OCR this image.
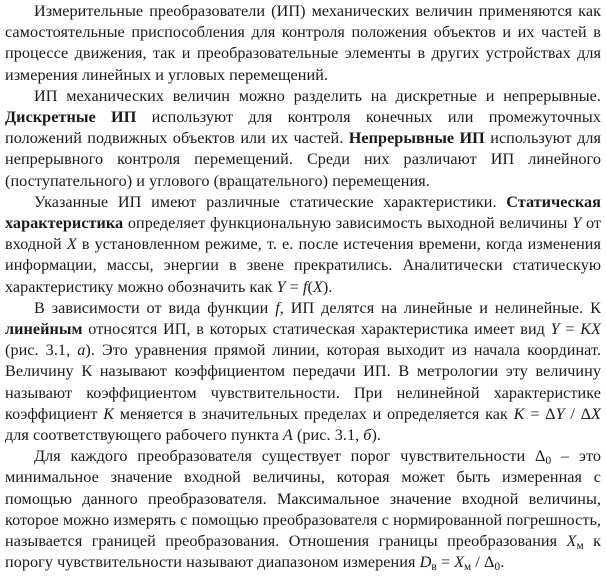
Измерительные преобразователи (ИП) механических величин применяются как самостоятельные приспособления для контроля положения объектов и их частей в процессе движения, так и преобразовательные элементы в других устройствах для измерения линейных и угловых перемещений.

ИП механических величин можно разделить на дискретные и непрерывные. Дискретные ИП используют для контроля конечных или промежуточных положений подвижных объектов или их частей. Непрерывные ИП используют для непрерывного контроля перемещений. Среди них различают ИП линейного (поступательного) и углового (вращательного) перемещения.

Указанные ИП имеют различные статические характеристики. Статическая характеристика определяет функциональную зависимость выходной величины Y от входной X в установленном режиме, т. е. после истечения времени, когда изменения информации, массы, энергии в звене прекратились. Аналитически статическую характеристику можно обозначить как Y = f(X).

В зависимости от вида функции f, ИП делятся на линейные и нелинейные. К линейным относятся ИП, в которых статическая характеристика имеет вид Y = KX (рис. 3.1, а). Это уравнения прямой линии, которая выходит из начала координат. Величину К называют коэффициентом передачи ИП. В метрологии эту величину называют коэффициентом чувствительности. При нелинейной характеристике коэффициент K меняется в значительных пределах и определяется как K = ΔY / ΔX для соответствующего рабочего пункта A (рис. 3.1, б).

Для каждого преобразователя существует порог чувствительности $\Delta_0$ – это минимальное значение входной величины, которая может быть измеренная с помощью данного преобразователя. Максимальное значение входной величины, которое можно измерять с помощью преобразователя с нормированной погрешность, называется границей преобразования. Отношения границы преобразования $X_м$ к порогу чувствительности называют диапазоном измерения $D_в = X_м / \Delta_0$.
